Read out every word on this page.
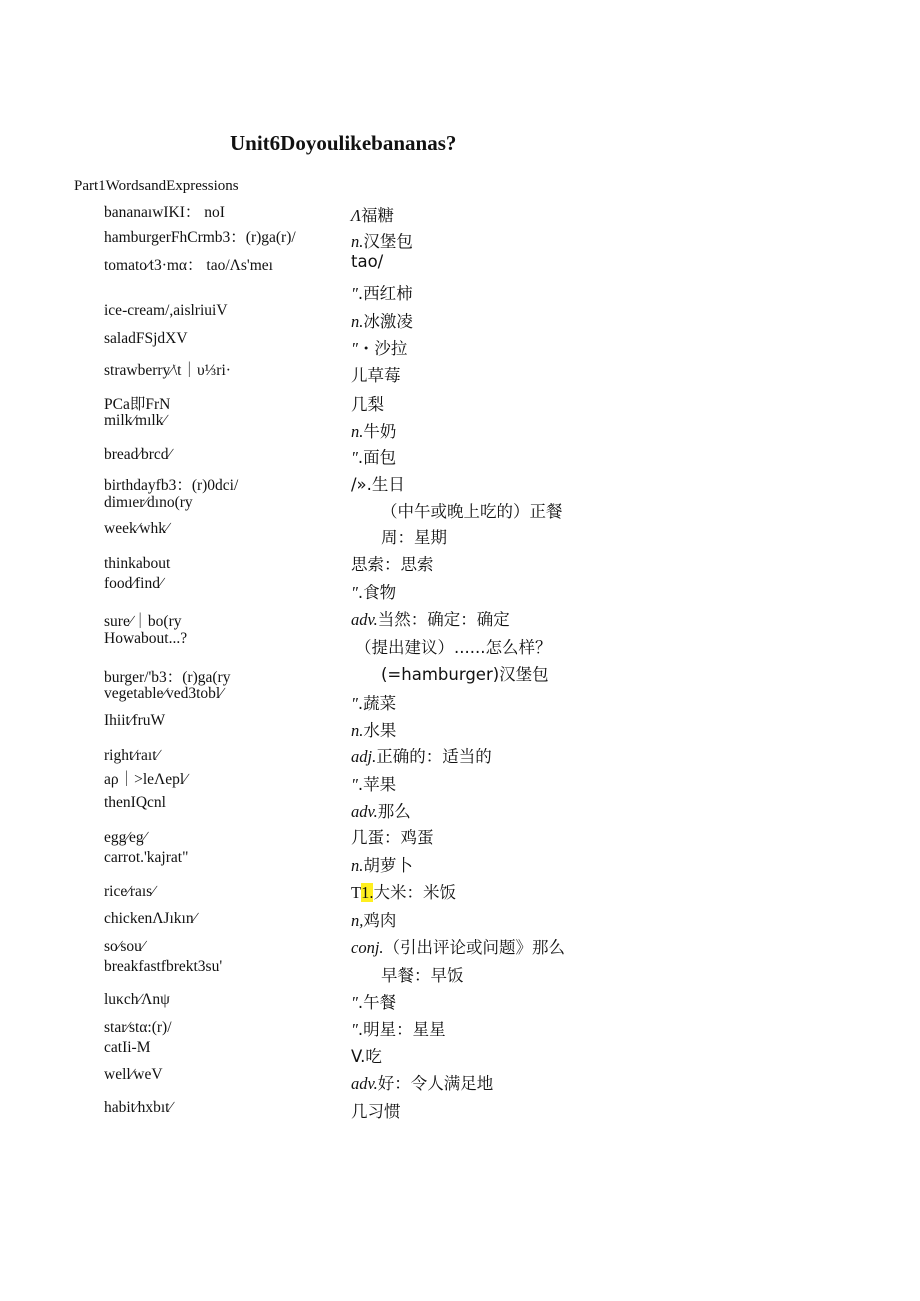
Unit6Doyoulikebananas?
Part1WordsandExpressions
bananaıwIKI： noI
hamburgerFhCrmb3：(r)ga(r)/
tomato∕t3·mα： tao/Λs'meı
ice-cream/,aislriuiV
saladFSjdXV
strawberry∕\t｜υ⅓ri·
PCa即FrN
milk∕mılk∕
bread∕brcd∕
birthdayfb3：(r)0dci/
dimıer∕dıno(ry
week∕whk∕
thinkabout
food∕find∕
sure∕｜bo(ry
Howabout...?
burger/'b3：(r)ga(ry
vegetable∕ved3tobl∕
Ihiit∕fruW
right∕raıt∕
aρ｜>leΛepl∕
thenIQcnl
egg∕eg∕
carrot.'kajrat"
rice∕raıs∕
chickenΛJıkın∕
so∕sou∕
breakfastfbrekt3su'
luκch∕Λnψ
star∕stα:(r)/
catIi-M
well∕weV
habit∕hxbıt∕
Λ福糖
n.汉堡包
tao/
″.西红柿
n.冰激凌
″・沙拉
儿草莓
几梨
n.牛奶
″.面包
/».生日
（中午或晚上吃的）正餐
周：星期
思索：思索
″.食物
adv.当然：确定：确定
（提出建议）......怎么样？
(=hamburger)汉堡包
″.蔬菜
n.水果
adj.正确的：适当的
″.苹果
adv.那么
几蛋：鸡蛋
n.胡萝卜
T1.大米：米饭
n,鸡肉
conj.（引出评论或问题》那么
早餐：早饭
″.午餐
″.明星：星星
V.吃
adv.好：令人满足地
几习惯
